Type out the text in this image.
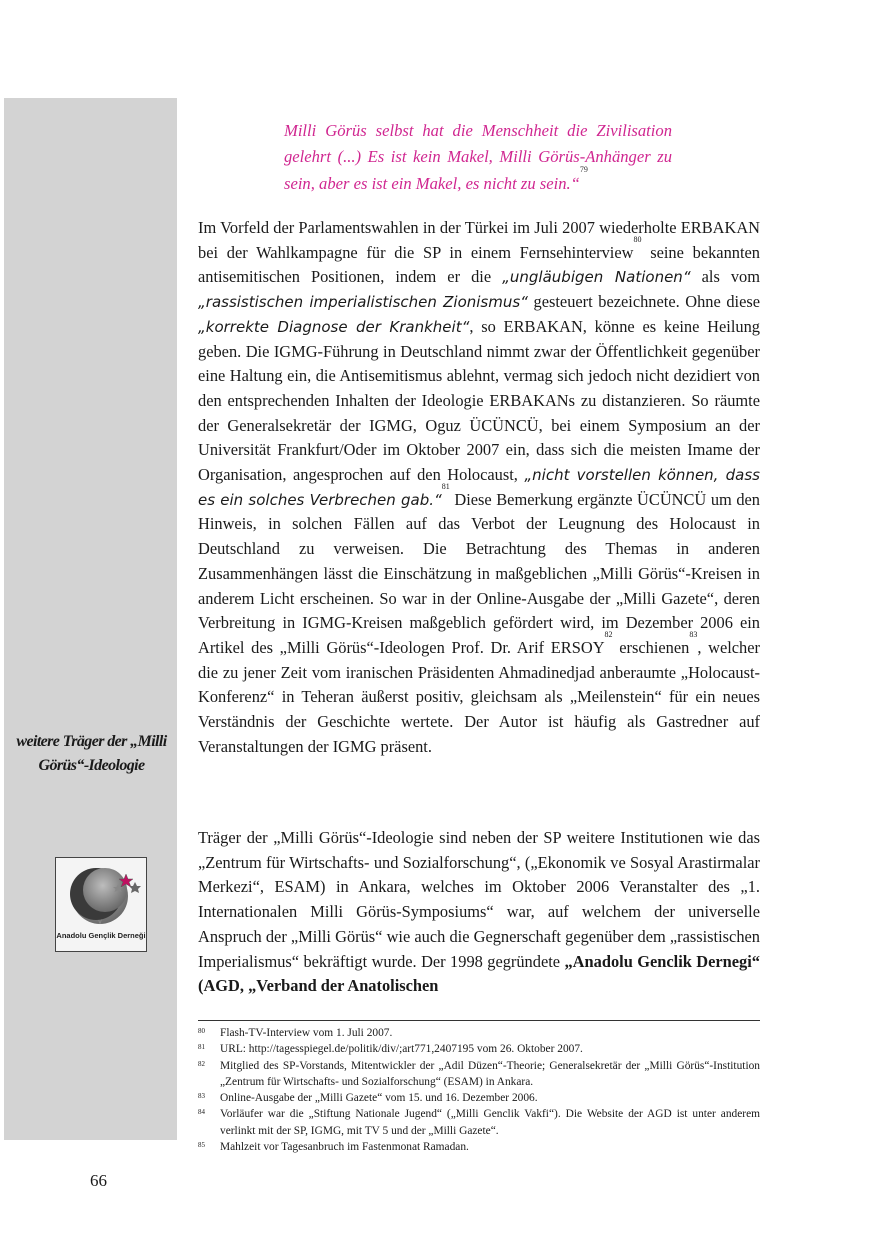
weitere Träger der „Milli Görüs“-Ideologie
Anadolu Gençlik Derneği
Milli Görüs selbst hat die Menschheit die Zivilisation gelehrt (...) Es ist kein Makel, Milli Görüs-Anhänger zu sein, aber es ist ein Makel, es nicht zu sein.“$^{79}$
Im Vorfeld der Parlamentswahlen in der Türkei im Juli 2007 wiederholte ERBAKAN bei der Wahlkampagne für die SP in einem Fernsehinterview$^{80}$ seine bekannten antisemitischen Positionen, indem er die „ungläubigen Nationen“ als vom „rassistischen imperialistischen Zionismus“ gesteuert bezeichnete. Ohne diese „korrekte Diagnose der Krankheit“, so ERBAKAN, könne es keine Heilung geben. Die IGMG-Führung in Deutschland nimmt zwar der Öffentlichkeit gegenüber eine Haltung ein, die Antisemitismus ablehnt, vermag sich jedoch nicht dezidiert von den entsprechenden Inhalten der Ideologie ERBAKANs zu distanzieren. So räumte der Generalsekretär der IGMG, Oguz ÜCÜNCÜ, bei einem Symposium an der Universität Frankfurt/Oder im Oktober 2007 ein, dass sich die meisten Imame der Organisation, angesprochen auf den Holocaust, „nicht vorstellen können, dass es ein solches Verbrechen gab.“$^{81}$ Diese Bemerkung ergänzte ÜCÜNCÜ um den Hinweis, in solchen Fällen auf das Verbot der Leugnung des Holocaust in Deutschland zu verweisen. Die Betrachtung des Themas in anderen Zusammenhängen lässt die Einschätzung in maßgeblichen „Milli Görüs“-Kreisen in anderem Licht erscheinen. So war in der Online-Ausgabe der „Milli Gazete“, deren Verbreitung in IGMG-Kreisen maßgeblich gefördert wird, im Dezember 2006 ein Artikel des „Milli Görüs“-Ideologen Prof. Dr. Arif ERSOY$^{82}$ erschienen$^{83}$, welcher die zu jener Zeit vom iranischen Präsidenten Ahmadinedjad anberaumte „Holocaust-Konferenz“ in Teheran äußerst positiv, gleichsam als „Meilenstein“ für ein neues Verständnis der Geschichte wertete. Der Autor ist häufig als Gastredner auf Veranstaltungen der IGMG präsent.
Träger der „Milli Görüs“-Ideologie sind neben der SP weitere Institutionen wie das „Zentrum für Wirtschafts- und Sozialforschung“, („Ekonomik ve Sosyal Arastirmalar Merkezi“, ESAM) in Ankara, welches im Oktober 2006 Veranstalter des „1. Internationalen Milli Görüs-Symposiums“ war, auf welchem der universelle Anspruch der „Milli Görüs“ wie auch die Gegnerschaft gegenüber dem „rassistischen Imperialismus“ bekräftigt wurde. Der 1998 gegründete „Anadolu Genclik Dernegi“ (AGD, „Verband der Anatolischen
80	Flash-TV-Interview vom 1. Juli 2007.
81	URL: http://tagesspiegel.de/politik/div/;art771,2407195 vom 26. Oktober 2007.
82	Mitglied des SP-Vorstands, Mitentwickler der „Adil Düzen“-Theorie; Generalsekretär der „Milli Görüs“-Institution „Zentrum für Wirtschafts- und Sozialforschung“ (ESAM) in Ankara.
83	Online-Ausgabe der „Milli Gazete“ vom 15. und 16. Dezember 2006.
84	Vorläufer war die „Stiftung Nationale Jugend“ („Milli Genclik Vakfi“). Die Website der AGD ist unter anderem verlinkt mit der SP, IGMG, mit TV 5 und der „Milli Gazete“.
85	Mahlzeit vor Tagesanbruch im Fastenmonat Ramadan.
66
